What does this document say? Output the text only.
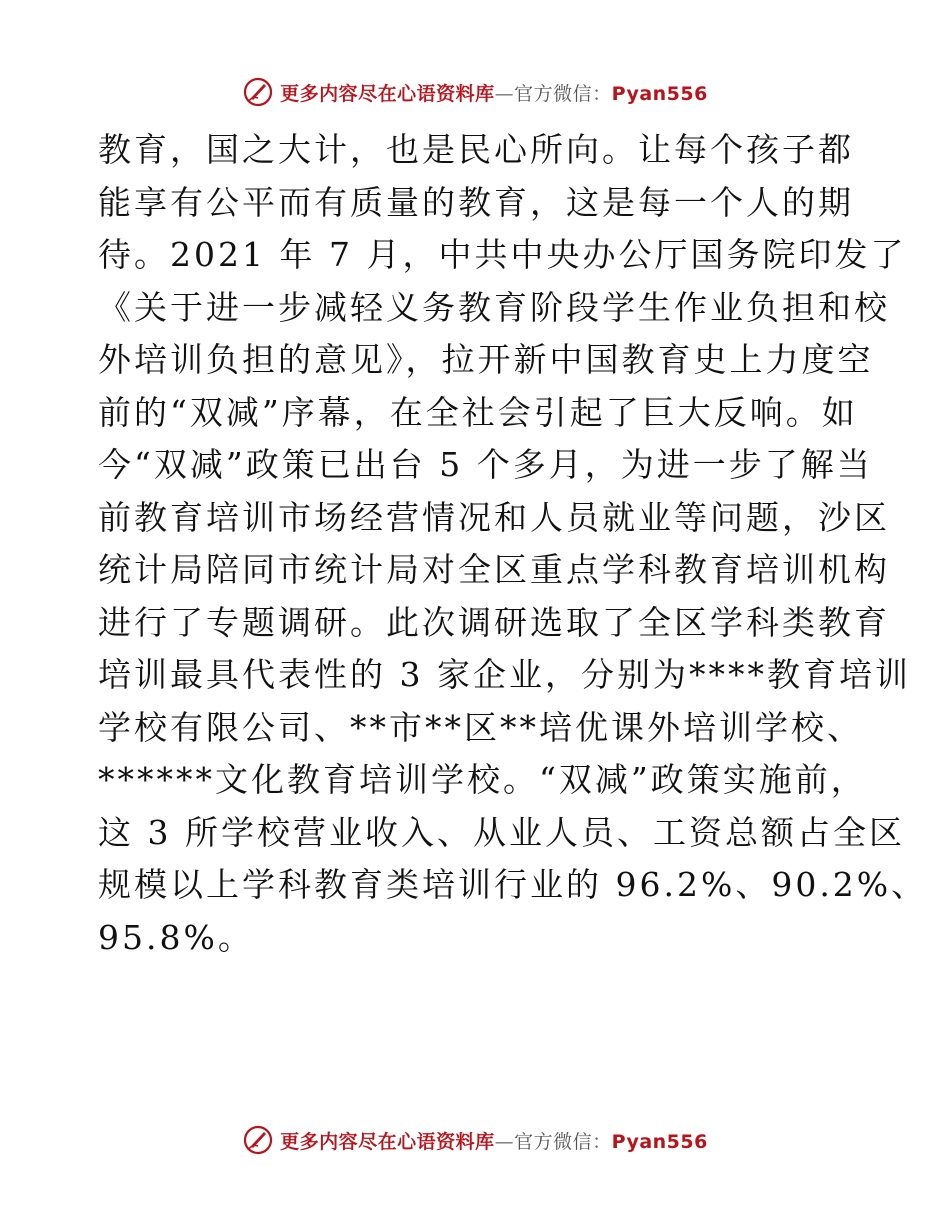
更多内容尽在心语资料库—官方微信：Pyan556
教育，国之大计，也是民心所向。让每个孩子都
能享有公平而有质量的教育，这是每一个人的期
待。2021 年 7 月，中共中央办公厅国务院印发了
《关于进一步减轻义务教育阶段学生作业负担和校
外培训负担的意见》，拉开新中国教育史上力度空
前的“双减”序幕，在全社会引起了巨大反响。如
今“双减”政策已出台 5 个多月，为进一步了解当
前教育培训市场经营情况和人员就业等问题，沙区
统计局陪同市统计局对全区重点学科教育培训机构
进行了专题调研。此次调研选取了全区学科类教育
培训最具代表性的 3 家企业，分别为****教育培训
学校有限公司、**市**区**培优课外培训学校、
******文化教育培训学校。“双减”政策实施前，
这 3 所学校营业收入、从业人员、工资总额占全区
规模以上学科教育类培训行业的 96.2%、90.2%、
95.8%。
更多内容尽在心语资料库—官方微信：Pyan556
